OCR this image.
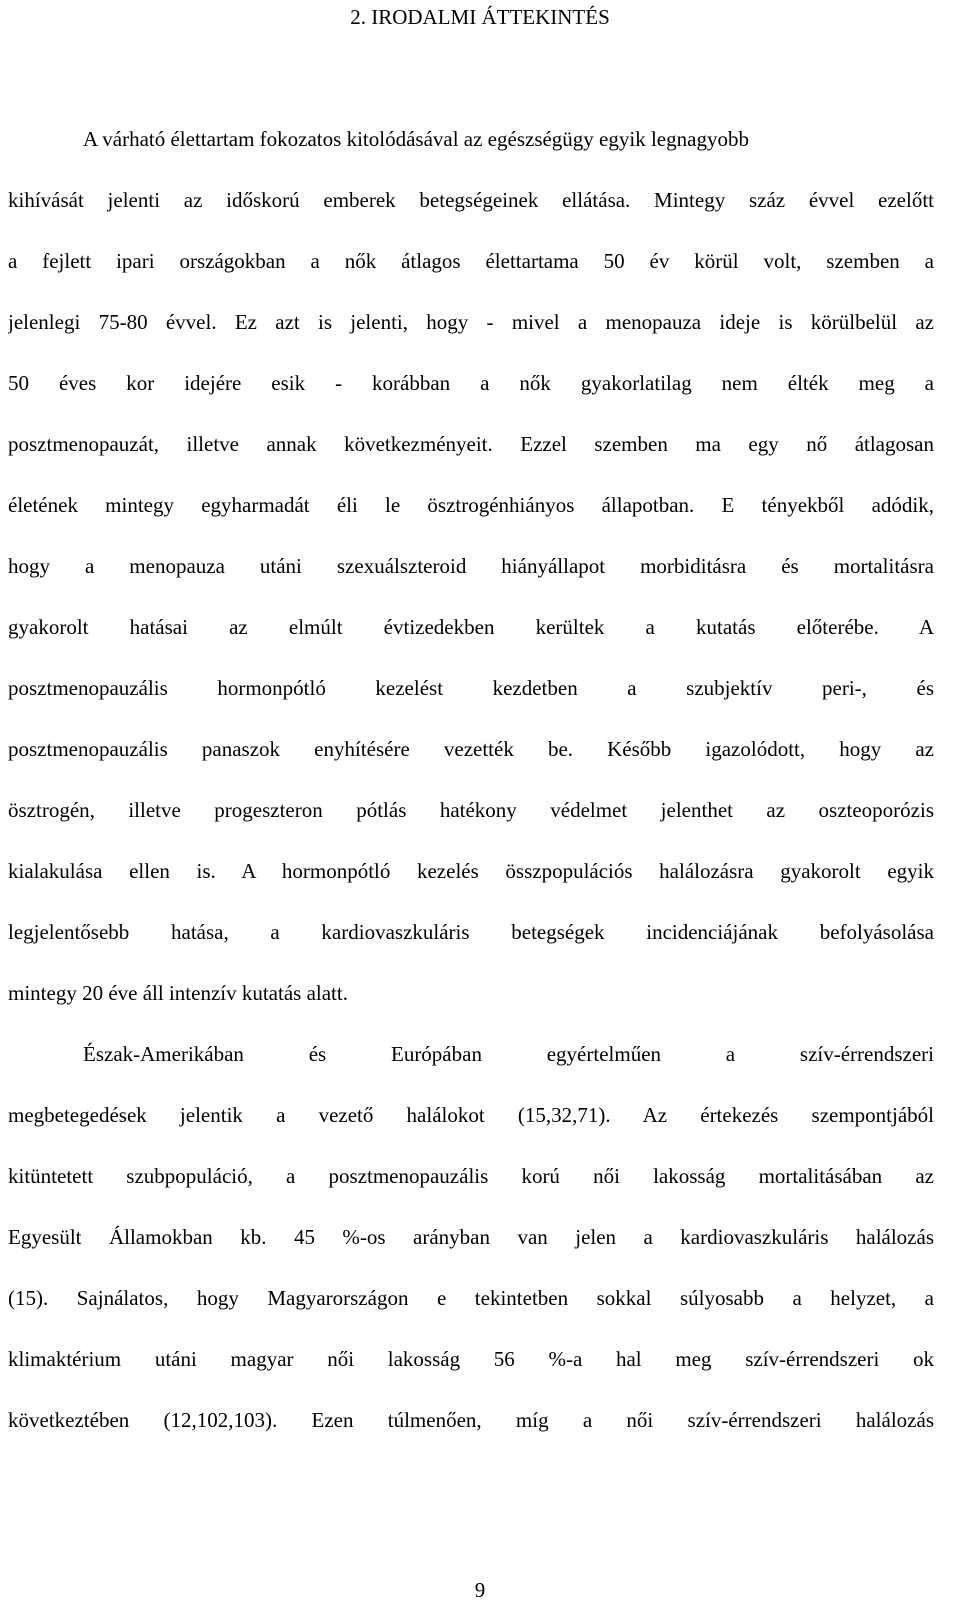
2. IRODALMI ÁTTEKINTÉS
A várható élettartam fokozatos kitolódásával az egészségügy egyik legnagyobb
kihívását jelenti az időskorú emberek betegségeinek ellátása. Mintegy száz évvel ezelőtt
a fejlett ipari országokban a nők átlagos élettartama 50 év körül volt, szemben a
jelenlegi 75-80 évvel. Ez azt is jelenti, hogy - mivel a menopauza ideje is körülbelül az
50 éves kor idejére esik - korábban a nők gyakorlatilag nem élték meg a
posztmenopauzát, illetve annak következményeit. Ezzel szemben ma egy nő átlagosan
életének mintegy egyharmadát éli le ösztrogénhiányos állapotban. E tényekből adódik,
hogy a menopauza utáni szexuálszteroid hiányállapot morbiditásra és mortalitásra
gyakorolt hatásai az elmúlt évtizedekben kerültek a kutatás előterébe. A
posztmenopauzális hormonpótló kezelést kezdetben a szubjektív peri-, és
posztmenopauzális panaszok enyhítésére vezették be. Később igazolódott, hogy az
ösztrogén, illetve progeszteron pótlás hatékony védelmet jelenthet az oszteoporózis
kialakulása ellen is. A hormonpótló kezelés összpopulációs halálozásra gyakorolt egyik
legjelentősebb hatása, a kardiovaszkuláris betegségek incidenciájának befolyásolása
mintegy 20 éve áll intenzív kutatás alatt.
Észak-Amerikában és Európában egyértelműen a szív-érrendszeri
megbetegedések jelentik a vezető halálokot (15,32,71). Az értekezés szempontjából
kitüntetett szubpopuláció, a posztmenopauzális korú női lakosság mortalitásában az
Egyesült Államokban kb. 45 %-os arányban van jelen a kardiovaszkuláris halálozás
(15). Sajnálatos, hogy Magyarországon e tekintetben sokkal súlyosabb a helyzet, a
klimaktérium utáni magyar női lakosság 56 %-a hal meg szív-érrendszeri ok
következtében (12,102,103). Ezen túlmenően, míg a női szív-érrendszeri halálozás
9
